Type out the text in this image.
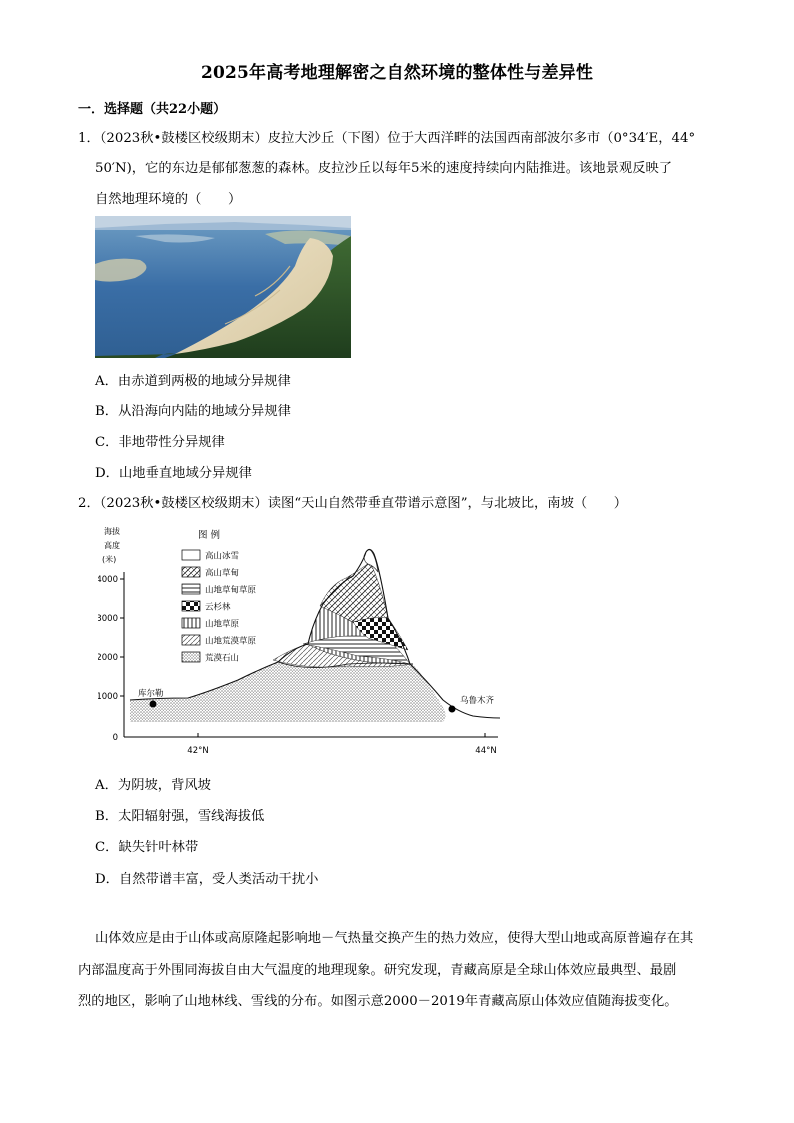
2025年高考地理解密之自然环境的整体性与差异性
一．选择题（共22小题）
1．（2023秋•鼓楼区校级期末）皮拉大沙丘（下图）位于大西洋畔的法国西南部波尔多市（0°34′E，44°
50′N)，它的东边是郁郁葱葱的森林。皮拉沙丘以每年5米的速度持续向内陆推进。该地景观反映了
自然地理环境的（　　）
A．由赤道到两极的地域分异规律
B．从沿海向内陆的地域分异规律
C．非地带性分异规律
D．山地垂直地域分异规律
2．（2023秋•鼓楼区校级期末）读图“天山自然带垂直带谱示意图”，与北坡比，南坡（　　）
海拔
高度
(米)
4000
3000
2000
1000
0
42°N	44°N
库尔勒
乌鲁木齐
图 例
高山冰雪
高山草甸
山地草甸草原
云杉林
山地草原
山地荒漠草原
荒漠石山
A．为阴坡，背风坡
B．太阳辐射强，雪线海拔低
C．缺失针叶林带
D．自然带谱丰富，受人类活动干扰小
山体效应是由于山体或高原隆起影响地－气热量交换产生的热力效应，使得大型山地或高原普遍存在其
内部温度高于外围同海拔自由大气温度的地理现象。研究发现，青藏高原是全球山体效应最典型、最剧
烈的地区，影响了山地林线、雪线的分布。如图示意2000－2019年青藏高原山体效应值随海拔变化。
